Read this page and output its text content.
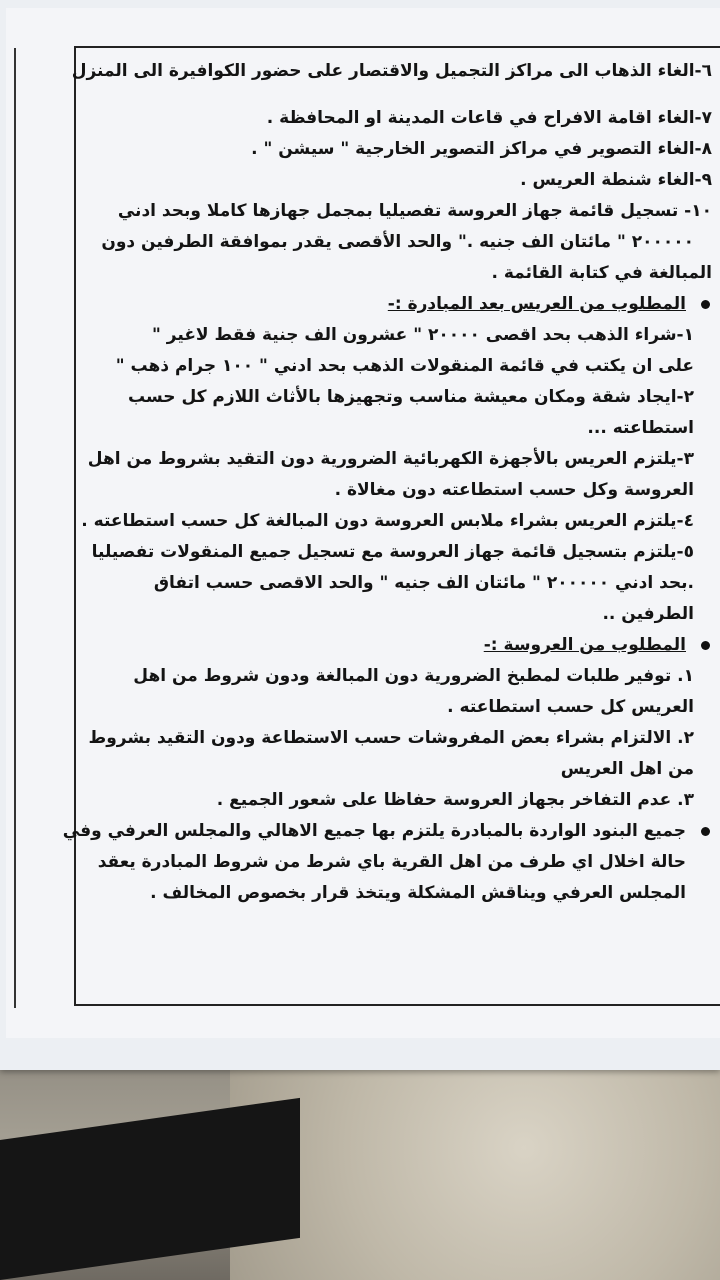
٦-الغاء الذهاب الى مراكز التجميل والاقتصار على حضور الكوافيرة الى المنزل
٧-الغاء اقامة الافراح في قاعات المدينة او المحافظة .
٨-الغاء التصوير في مراكز التصوير الخارجية " سيشن " .
٩-الغاء شنطة العريس .
١٠- تسجيل قائمة جهاز العروسة تفصيليا بمجمل جهازها كاملا وبحد ادني
٢٠٠٠٠٠ " مائتان الف جنيه ." والحد الأقصى يقدر بموافقة الطرفين دون
المبالغة في كتابة القائمة .
المطلوب من العريس بعد المبادرة :-
١-شراء الذهب بحد اقصى ٢٠٠٠٠ " عشرون الف جنية فقط لاغير "
على ان يكتب في قائمة المنقولات الذهب بحد ادني " ١٠٠ جرام ذهب "
٢-ايجاد شقة ومكان معيشة مناسب وتجهيزها بالأثاث اللازم كل حسب
استطاعته ...
٣-يلتزم العريس بالأجهزة الكهربائية الضرورية دون التقيد بشروط من اهل
العروسة وكل حسب استطاعته دون مغالاة .
٤-يلتزم العريس بشراء ملابس العروسة دون المبالغة كل حسب استطاعته .
٥-يلتزم بتسجيل قائمة جهاز العروسة مع تسجيل جميع المنقولات تفصيليا
.بحد ادني ٢٠٠٠٠٠ " مائتان الف جنيه " والحد الاقصى حسب اتفاق
الطرفين ..
المطلوب من العروسة :-
١. توفير طلبات لمطبخ الضرورية دون المبالغة ودون شروط من اهل
العريس كل حسب استطاعته .
٢. الالتزام بشراء بعض المفروشات حسب الاستطاعة ودون التقيد بشروط
من اهل العريس
٣. عدم التفاخر بجهاز العروسة حفاظا على شعور الجميع .
جميع البنود الواردة بالمبادرة يلتزم بها جميع الاهالي والمجلس العرفي وفي
حالة اخلال اي طرف من اهل القرية باي شرط من شروط المبادرة يعقد
المجلس العرفي ويناقش المشكلة ويتخذ قرار بخصوص المخالف .
